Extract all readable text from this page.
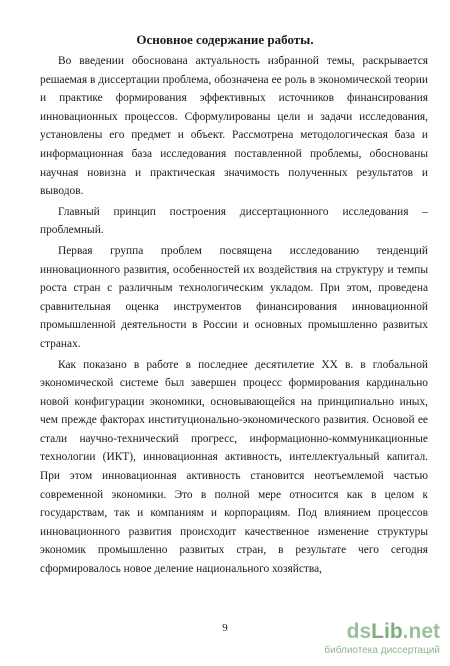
Основное содержание работы.

Во введении обоснована актуальность избранной темы, раскрывается решаемая в диссертации проблема, обозначена ее роль в экономической теории и практике формирования эффективных источников финансирования инновационных процессов. Сформулированы цели и задачи исследования, установлены его предмет и объект. Рассмотрена методологическая база и информационная база исследования поставленной проблемы, обоснованы научная новизна и практическая значимость полученных результатов и выводов.

Главный принцип построения диссертационного исследования – проблемный.

Первая группа проблем посвящена исследованию тенденций инновационного развития, особенностей их воздействия на структуру и темпы роста стран с различным технологическим укладом. При этом, проведена сравнительная оценка инструментов финансирования инновационной промышленной деятельности в России и основных промышленно развитых странах.

Как показано в работе в последнее десятилетие XX в. в глобальной экономической системе был завершен процесс формирования кардинально новой конфигурации экономики, основывающейся на принципиально иных, чем прежде факторах институционально-экономического развития. Основой ее стали научно-технический прогресс, информационно-коммуникационные технологии (ИКТ), инновационная активность, интеллектуальный капитал. При этом инновационная активность становится неотъемлемой частью современной экономики. Это в полной мере относится как в целом к государствам, так и компаниям и корпорациям. Под влиянием процессов инновационного развития происходит качественное изменение структуры экономик промышленно развитых стран, в результате чего сегодня сформировалось новое деление национального хозяйства,

9	dsLib.net
библиотека диссертаций
